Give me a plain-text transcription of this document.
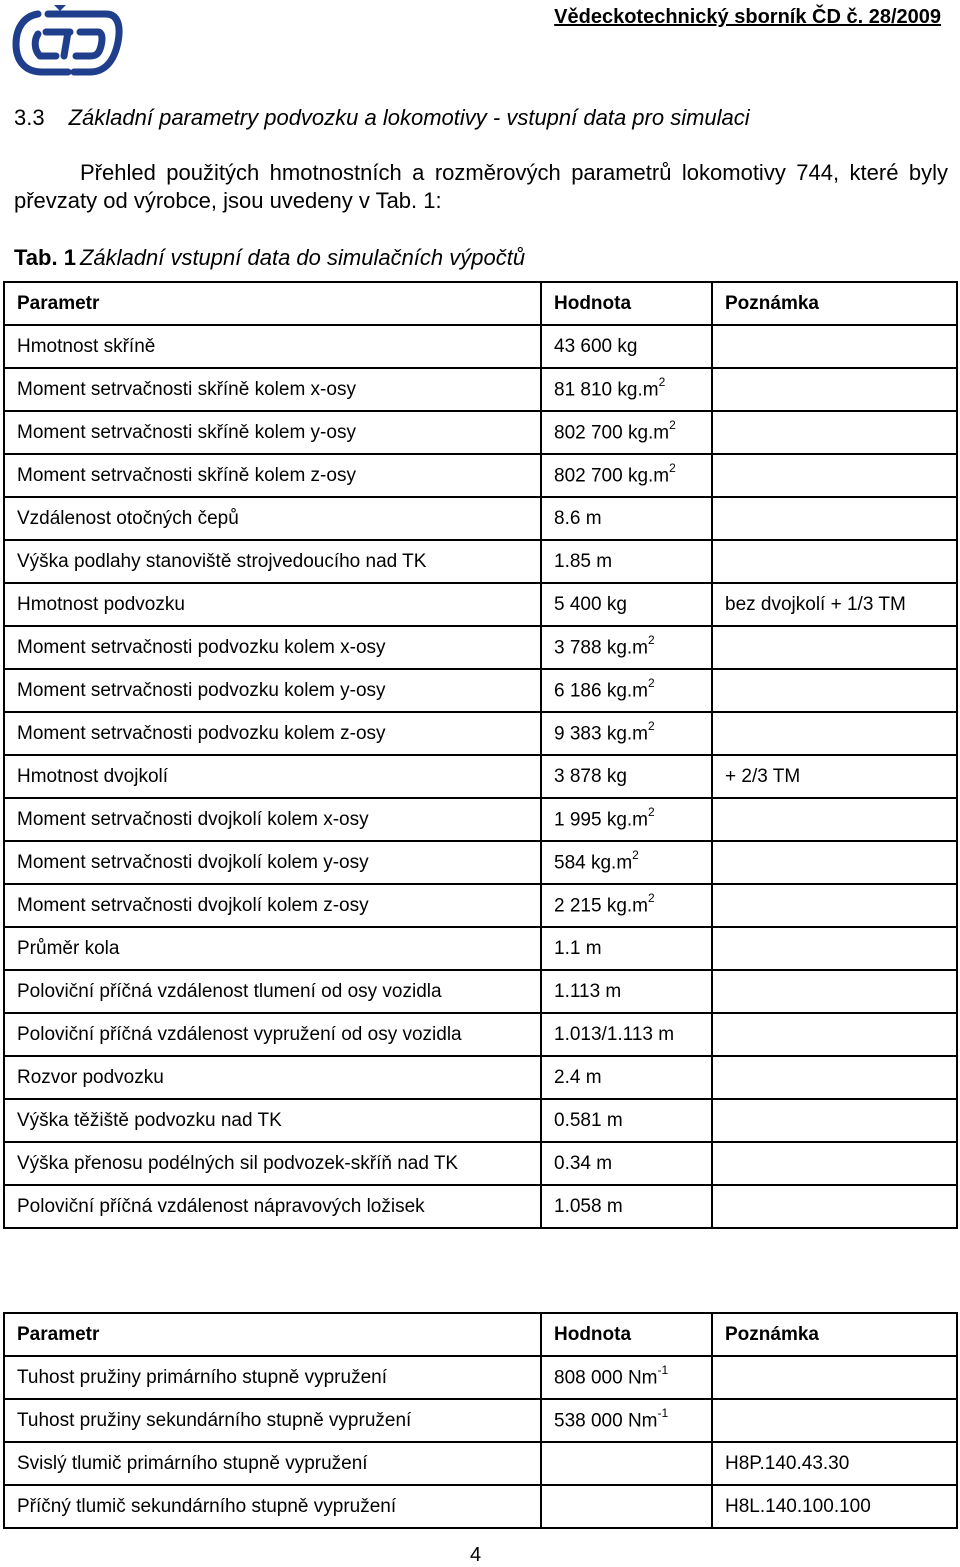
Vědeckotechnický sborník ČD č. 28/2009
3.3 Základní parametry podvozku a lokomotivy - vstupní data pro simulaci
Přehled použitých hmotnostních a rozměrových parametrů lokomotivy 744, které byly převzaty od výrobce, jsou uvedeny v Tab. 1:
Tab. 1 Základní vstupní data do simulačních výpočtů
Parametr	Hodnota	Poznámka
Hmotnost skříně	43 600 kg	
Moment setrvačnosti skříně kolem x-osy	81 810 $kg.m^2$	
Moment setrvačnosti skříně kolem y-osy	802 700 $kg.m^2$	
Moment setrvačnosti skříně kolem z-osy	802 700 $kg.m^2$	
Vzdálenost otočných čepů	8.6 m	
Výška podlahy stanoviště strojvedoucího nad TK	1.85 m	
Hmotnost podvozku	5 400 kg	bez dvojkolí + 1/3 TM
Moment setrvačnosti podvozku kolem x-osy	3 788 $kg.m^2$	
Moment setrvačnosti podvozku kolem y-osy	6 186 $kg.m^2$	
Moment setrvačnosti podvozku kolem z-osy	9 383 $kg.m^2$	
Hmotnost dvojkolí	3 878 kg	+ 2/3 TM
Moment setrvačnosti dvojkolí kolem x-osy	1 995 $kg.m^2$	
Moment setrvačnosti dvojkolí kolem y-osy	584 $kg.m^2$	
Moment setrvačnosti dvojkolí kolem z-osy	2 215 $kg.m^2$	
Průměr kola	1.1 m	
Poloviční příčná vzdálenost tlumení od osy vozidla	1.113 m	
Poloviční příčná vzdálenost vypružení od osy vozidla	1.013/1.113 m	
Rozvor podvozku	2.4 m	
Výška těžiště podvozku nad TK	0.581 m	
Výška přenosu podélných sil podvozek-skříň nad TK	0.34 m	
Poloviční příčná vzdálenost nápravových ložisek	1.058 m	
Parametr	Hodnota	Poznámka
Tuhost pružiny primárního stupně vypružení	808 000 $Nm^{-1}$	
Tuhost pružiny sekundárního stupně vypružení	538 000 $Nm^{-1}$	
Svislý tlumič primárního stupně vypružení		H8P.140.43.30
Příčný tlumič sekundárního stupně vypružení		H8L.140.100.100
4
